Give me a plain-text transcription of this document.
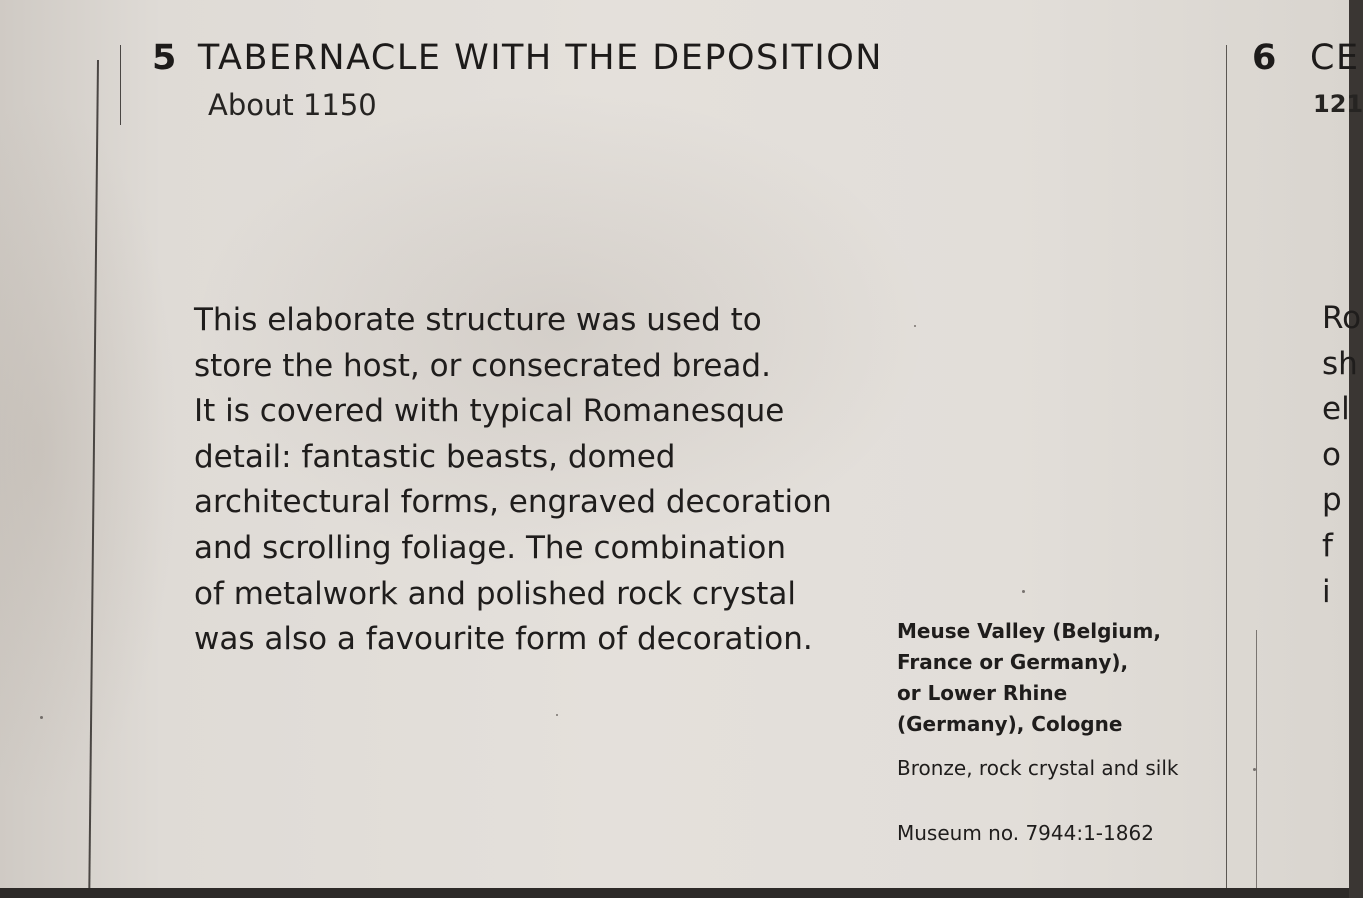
5 TABERNACLE WITH THE DEPOSITION
About 1150
This elaborate structure was used to
store the host, or consecrated bread.
It is covered with typical Romanesque
detail: fantastic beasts, domed
architectural forms, engraved decoration
and scrolling foliage. The combination
of metalwork and polished rock crystal
was also a favourite form of decoration.	Meuse Valley (Belgium,
France or Germany),
or Lower Rhine
(Germany), Cologne
Bronze, rock crystal and silk
Museum no. 7944:1-1862
6 CE
121
Ro
sh
el
o
p
f
i
